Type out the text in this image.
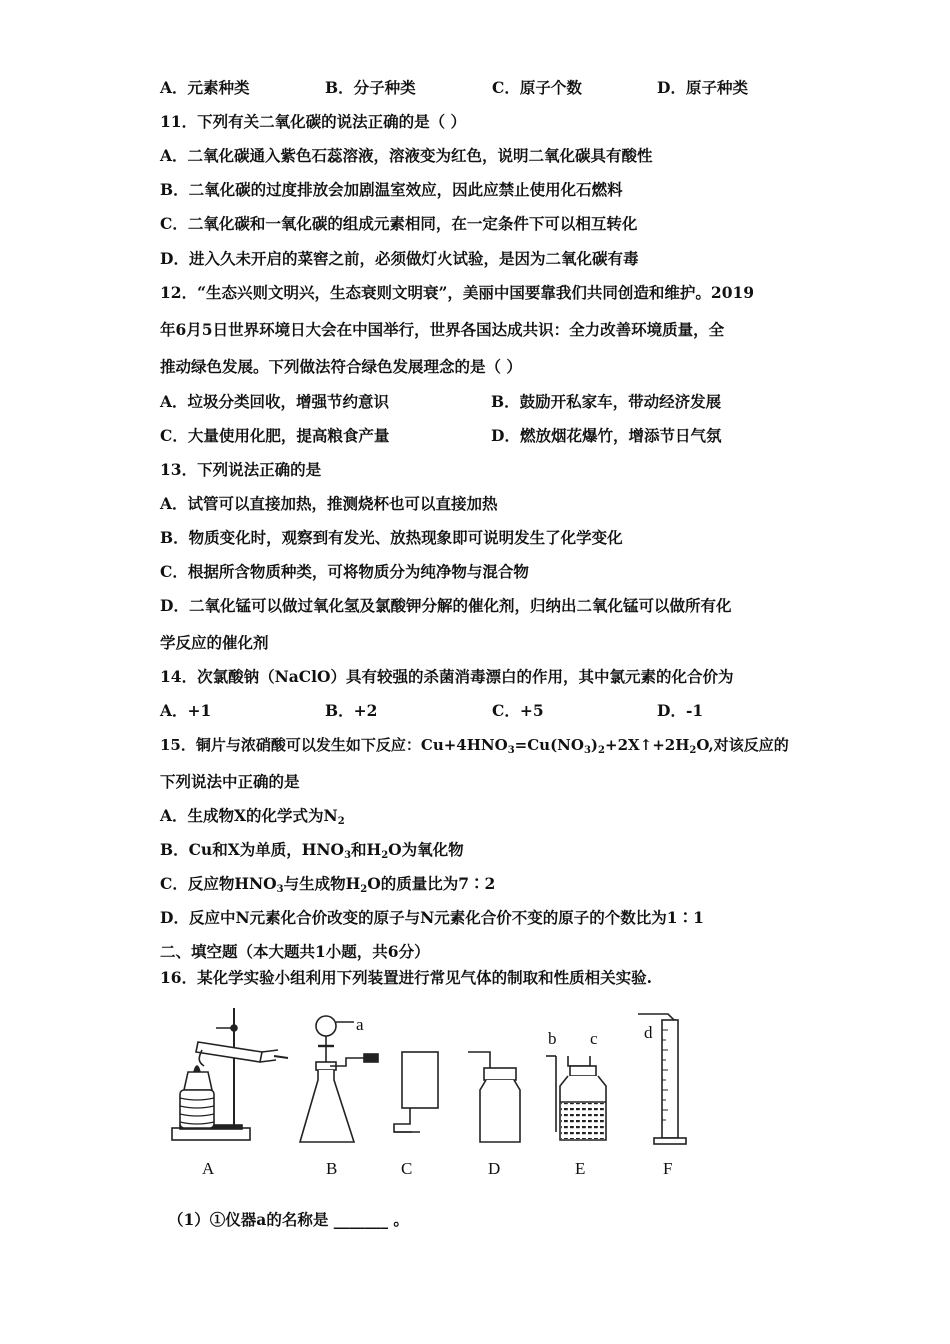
A．元素种类	B．分子种类	C．原子个数	D．原子种类
11．下列有关二氧化碳的说法正确的是（ ）
A．二氧化碳通入紫色石蕊溶液，溶液变为红色，说明二氧化碳具有酸性
B．二氧化碳的过度排放会加剧温室效应，因此应禁止使用化石燃料
C．二氧化碳和一氧化碳的组成元素相同，在一定条件下可以相互转化
D．进入久未开启的菜窖之前，必须做灯火试验，是因为二氧化碳有毒
12．“生态兴则文明兴，生态衰则文明衰”，美丽中国要靠我们共同创造和维护。2019
年6月5日世界环境日大会在中国举行，世界各国达成共识：全力改善环境质量，全
推动绿色发展。下列做法符合绿色发展理念的是（ ）
A．垃圾分类回收，增强节约意识	B．鼓励开私家车，带动经济发展
C．大量使用化肥，提高粮食产量	D．燃放烟花爆竹，增添节日气氛
13．下列说法正确的是
A．试管可以直接加热，推测烧杯也可以直接加热
B．物质变化时，观察到有发光、放热现象即可说明发生了化学变化
C．根据所含物质种类，可将物质分为纯净物与混合物
D．二氧化锰可以做过氧化氢及氯酸钾分解的催化剂，归纳出二氧化锰可以做所有化
学反应的催化剂
14．次氯酸钠（NaClO）具有较强的杀菌消毒漂白的作用，其中氯元素的化合价为
A．+1	B．+2	C．+5	D．-1
15．铜片与浓硝酸可以发生如下反应：$Cu+4HNO_3=Cu(NO_3)_2+2X↑+2H_2O$,对该反应的
下列说法中正确的是
A．生成物X的化学式为$N_2$
B．Cu和X为单质，$HNO_3$和$H_2O$为氧化物
C．反应物$HNO_3$与生成物$H_2O$的质量比为7∶2
D．反应中N元素化合价改变的原子与N元素化合价不变的原子的个数比为1∶1
二、填空题（本大题共1小题，共6分）
16．某化学实验小组利用下列装置进行常见气体的制取和性质相关实验.
a
b c	d
A	B	C	D	E	F
（1）①仪器a的名称是 _______ 。
